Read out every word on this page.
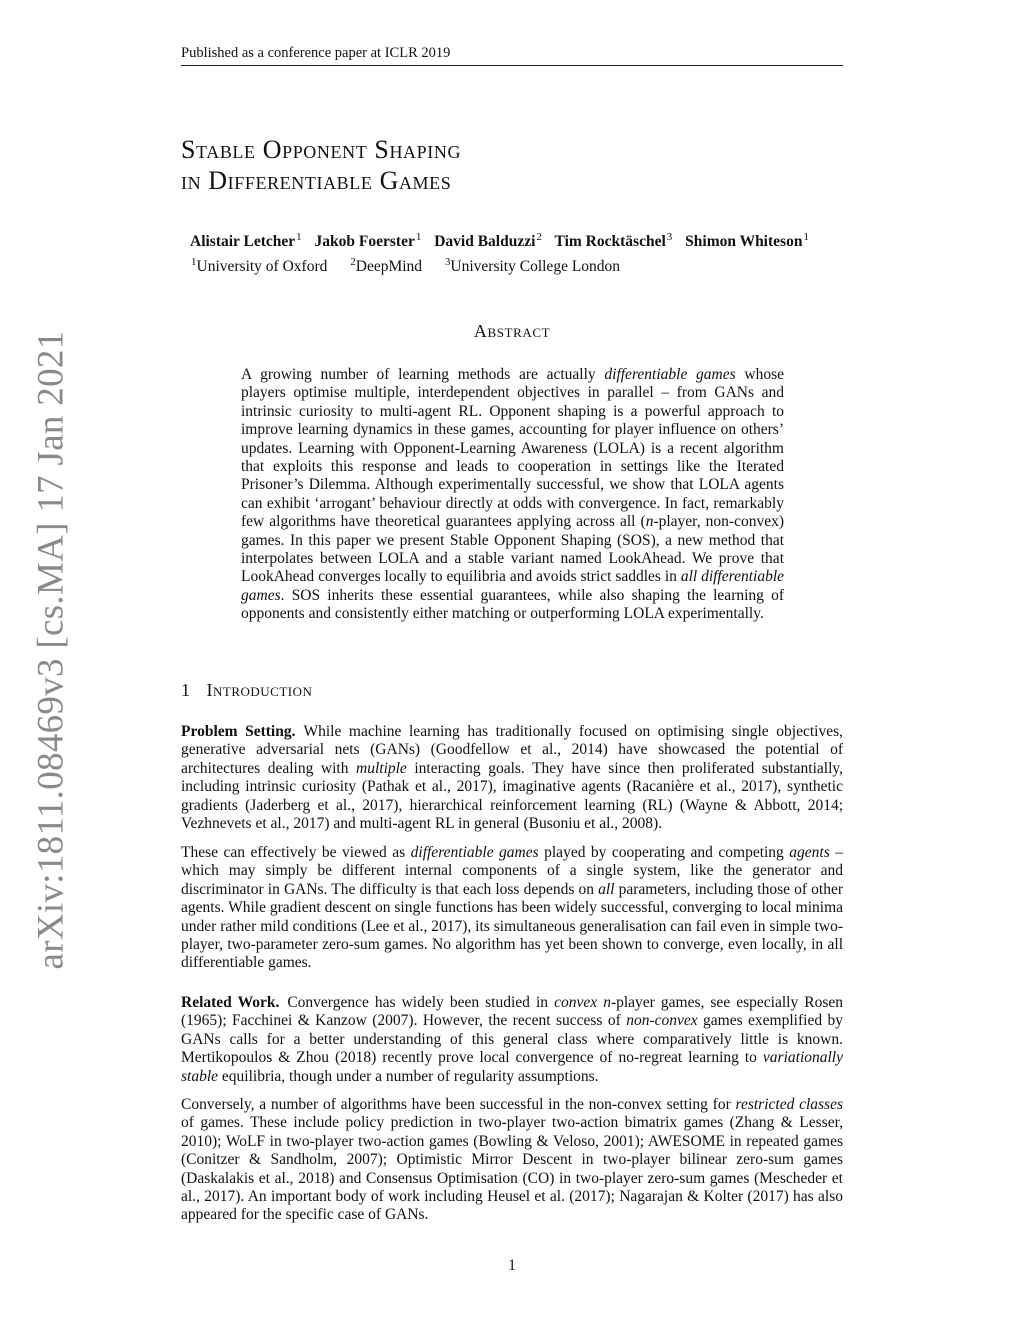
Published as a conference paper at ICLR 2019
Stable Opponent Shaping
in Differentiable Games
Alistair Letcher$^1$ Jakob Foerster$^1$ David Balduzzi$^2$ Tim Rocktäschel$^3$ Shimon Whiteson$^1$
$^1$University of Oxford $^2$DeepMind $^3$University College London
Abstract
A growing number of learning methods are actually differentiable games whose players optimise multiple, interdependent objectives in parallel – from GANs and intrinsic curiosity to multi-agent RL. Opponent shaping is a powerful approach to improve learning dynamics in these games, accounting for player influence on others’ updates. Learning with Opponent-Learning Awareness (LOLA) is a recent algorithm that exploits this response and leads to cooperation in settings like the Iterated Prisoner’s Dilemma. Although experimentally successful, we show that LOLA agents can exhibit ‘arrogant’ behaviour directly at odds with convergence. In fact, remarkably few algorithms have theoretical guarantees applying across all (n-player, non-convex) games. In this paper we present Stable Opponent Shaping (SOS), a new method that interpolates between LOLA and a stable variant named LookAhead. We prove that LookAhead converges locally to equilibria and avoids strict saddles in all differentiable games. SOS inherits these essential guarantees, while also shaping the learning of opponents and consistently either matching or outperforming LOLA experimentally.
1 Introduction
Problem Setting. While machine learning has traditionally focused on optimising single objectives, generative adversarial nets (GANs) (Goodfellow et al., 2014) have showcased the potential of architectures dealing with multiple interacting goals. They have since then proliferated substantially, including intrinsic curiosity (Pathak et al., 2017), imaginative agents (Racanière et al., 2017), synthetic gradients (Jaderberg et al., 2017), hierarchical reinforcement learning (RL) (Wayne & Abbott, 2014; Vezhnevets et al., 2017) and multi-agent RL in general (Busoniu et al., 2008).
These can effectively be viewed as differentiable games played by cooperating and competing agents – which may simply be different internal components of a single system, like the generator and discriminator in GANs. The difficulty is that each loss depends on all parameters, including those of other agents. While gradient descent on single functions has been widely successful, converging to local minima under rather mild conditions (Lee et al., 2017), its simultaneous generalisation can fail even in simple two-player, two-parameter zero-sum games. No algorithm has yet been shown to converge, even locally, in all differentiable games.
Related Work. Convergence has widely been studied in convex n-player games, see especially Rosen (1965); Facchinei & Kanzow (2007). However, the recent success of non-convex games exemplified by GANs calls for a better understanding of this general class where comparatively little is known. Mertikopoulos & Zhou (2018) recently prove local convergence of no-regreat learning to variationally stable equilibria, though under a number of regularity assumptions.
Conversely, a number of algorithms have been successful in the non-convex setting for restricted classes of games. These include policy prediction in two-player two-action bimatrix games (Zhang & Lesser, 2010); WoLF in two-player two-action games (Bowling & Veloso, 2001); AWESOME in repeated games (Conitzer & Sandholm, 2007); Optimistic Mirror Descent in two-player bilinear zero-sum games (Daskalakis et al., 2018) and Consensus Optimisation (CO) in two-player zero-sum games (Mescheder et al., 2017). An important body of work including Heusel et al. (2017); Nagarajan & Kolter (2017) has also appeared for the specific case of GANs.
arXiv:1811.08469v3 [cs.MA] 17 Jan 2021
1
